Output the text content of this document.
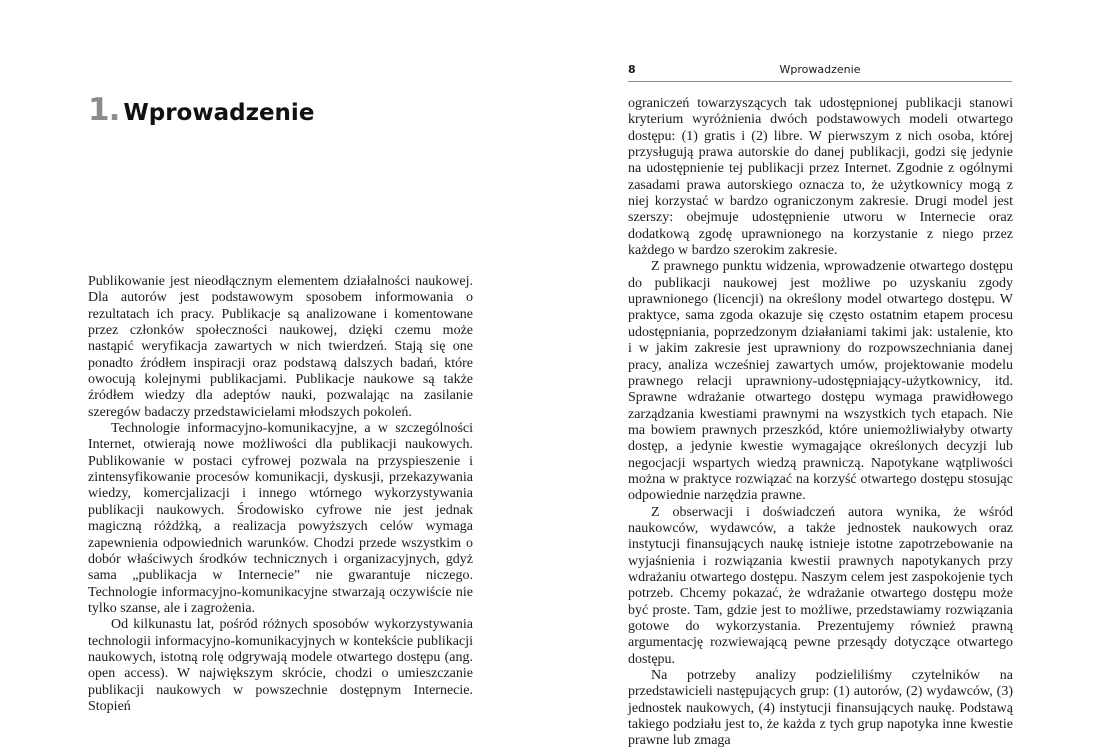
1. Wprowadzenie

Publikowanie jest nieodłącznym elementem działalności naukowej. Dla autorów jest podstawowym sposobem informowania o rezultatach ich pracy. Publikacje są analizowane i komentowane przez członków społeczności naukowej, dzięki czemu może nastąpić weryfikacja zawartych w nich twierdzeń. Stają się one ponadto źródłem inspiracji oraz podstawą dalszych badań, które owocują kolejnymi publikacjami. Publikacje naukowe są także źródłem wiedzy dla adeptów nauki, pozwalając na zasilanie szeregów badaczy przedstawicielami młodszych pokoleń.

Technologie informacyjno-komunikacyjne, a w szczególności Internet, otwierają nowe możliwości dla publikacji naukowych. Publikowanie w postaci cyfrowej pozwala na przyspieszenie i zintensyfikowanie procesów komunikacji, dyskusji, przekazywania wiedzy, komercjalizacji i innego wtórnego wykorzystywania publikacji naukowych. Środowisko cyfrowe nie jest jednak magiczną różdżką, a realizacja powyższych celów wymaga zapewnienia odpowiednich warunków. Chodzi przede wszystkim o dobór właściwych środków technicznych i organizacyjnych, gdyż sama „publikacja w Internecie” nie gwarantuje niczego. Technologie informacyjno-komunikacyjne stwarzają oczywiście nie tylko szanse, ale i zagrożenia.

Od kilkunastu lat, pośród różnych sposobów wykorzystywania technologii informacyjno-komunikacyjnych w kontekście publikacji naukowych, istotną rolę odgrywają modele otwartego dostępu (ang. open access). W największym skrócie, chodzi o umieszczanie publikacji naukowych w powszechnie dostępnym Internecie. Stopień

8	Wprowadzenie

ograniczeń towarzyszących tak udostępnionej publikacji stanowi kryterium wyróżnienia dwóch podstawowych modeli otwartego dostępu: (1) gratis i (2) libre. W pierwszym z nich osoba, której przysługują prawa autorskie do danej publikacji, godzi się jedynie na udostępnienie tej publikacji przez Internet. Zgodnie z ogólnymi zasadami prawa autorskiego oznacza to, że użytkownicy mogą z niej korzystać w bardzo ograniczonym zakresie. Drugi model jest szerszy: obejmuje udostępnienie utworu w Internecie oraz dodatkową zgodę uprawnionego na korzystanie z niego przez każdego w bardzo szerokim zakresie.

Z prawnego punktu widzenia, wprowadzenie otwartego dostępu do publikacji naukowej jest możliwe po uzyskaniu zgody uprawnionego (licencji) na określony model otwartego dostępu. W praktyce, sama zgoda okazuje się często ostatnim etapem procesu udostępniania, poprzedzonym działaniami takimi jak: ustalenie, kto i w jakim zakresie jest uprawniony do rozpowszechniania danej pracy, analiza wcześniej zawartych umów, projektowanie modelu prawnego relacji uprawniony-udostępniający-użytkownicy, itd. Sprawne wdrażanie otwartego dostępu wymaga prawidłowego zarządzania kwestiami prawnymi na wszystkich tych etapach. Nie ma bowiem prawnych przeszkód, które uniemożliwiałyby otwarty dostęp, a jedynie kwestie wymagające określonych decyzji lub negocjacji wspartych wiedzą prawniczą. Napotykane wątpliwości można w praktyce rozwiązać na korzyść otwartego dostępu stosując odpowiednie narzędzia prawne.

Z obserwacji i doświadczeń autora wynika, że wśród naukowców, wydawców, a także jednostek naukowych oraz instytucji finansujących naukę istnieje istotne zapotrzebowanie na wyjaśnienia i rozwiązania kwestii prawnych napotykanych przy wdrażaniu otwartego dostępu. Naszym celem jest zaspokojenie tych potrzeb. Chcemy pokazać, że wdrażanie otwartego dostępu może być proste. Tam, gdzie jest to możliwe, przedstawiamy rozwiązania gotowe do wykorzystania. Prezentujemy również prawną argumentację rozwiewającą pewne przesądy dotyczące otwartego dostępu.

Na potrzeby analizy podzieliliśmy czytelników na przedstawicieli następujących grup: (1) autorów, (2) wydawców, (3) jednostek naukowych, (4) instytucji finansujących naukę. Podstawą takiego podziału jest to, że każda z tych grup napotyka inne kwestie prawne lub zmaga
